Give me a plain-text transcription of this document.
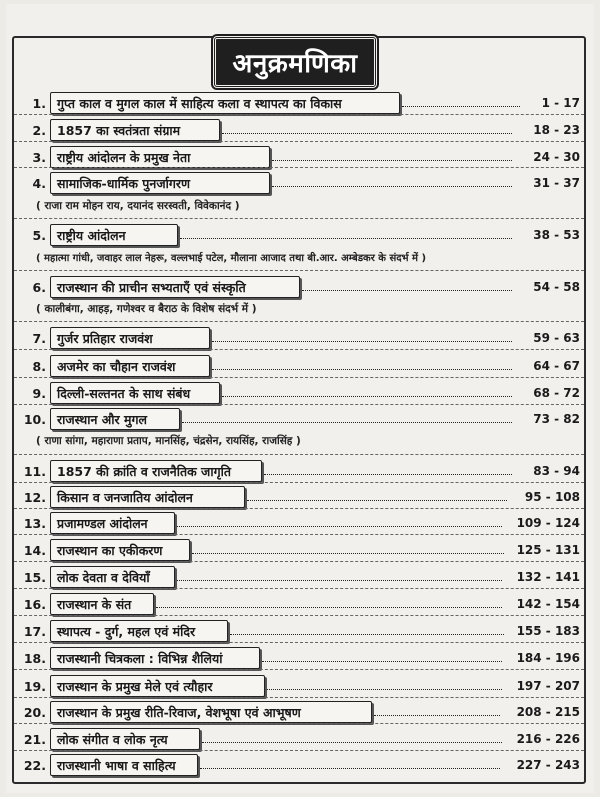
अनुक्रमणिका
1. गुप्त काल व मुगल काल में साहित्य कला व स्थापत्य का विकास	1 - 17
2. 1857 का स्वतंत्रता संग्राम	18 - 23
3. राष्ट्रीय आंदोलन के प्रमुख नेता	24 - 30
4. सामाजिक-धार्मिक पुनर्जागरण	31 - 37
( राजा राम मोहन राय, दयानंद सरस्वती, विवेकानंद )
5. राष्ट्रीय आंदोलन	38 - 53
( महात्मा गांधी, जवाहर लाल नेहरू, वल्लभाई पटेल, मौलाना आजाद तथा बी.आर. अम्बेडकर के संदर्भ में )
6. राजस्थान की प्राचीन सभ्यताएँ एवं संस्कृति	54 - 58
( कालीबंगा, आहड़, गणेश्वर व बैराठ के विशेष संदर्भ में )
7. गुर्जर प्रतिहार राजवंश	59 - 63
8. अजमेर का चौहान राजवंश	64 - 67
9. दिल्ली-सल्तनत के साथ संबंध	68 - 72
10. राजस्थान और मुगल	73 - 82
( राणा सांगा, महाराणा प्रताप, मानसिंह, चंद्रसेन, रायसिंह, राजसिंह )
11. 1857 की क्रांति व राजनैतिक जागृति	83 - 94
12. किसान व जनजातिय आंदोलन	95 - 108
13. प्रजामण्डल आंदोलन	109 - 124
14. राजस्थान का एकीकरण	125 - 131
15. लोक देवता व देवियाँ	132 - 141
16. राजस्थान के संत	142 - 154
17. स्थापत्य - दुर्ग, महल एवं मंदिर	155 - 183
18. राजस्थानी चित्रकला : विभिन्न शैलियां	184 - 196
19. राजस्थान के प्रमुख मेले एवं त्यौहार	197 - 207
20. राजस्थान के प्रमुख रीति-रिवाज, वेशभूषा एवं आभूषण	208 - 215
21. लोक संगीत व लोक नृत्य	216 - 226
22. राजस्थानी भाषा व साहित्य	227 - 243
